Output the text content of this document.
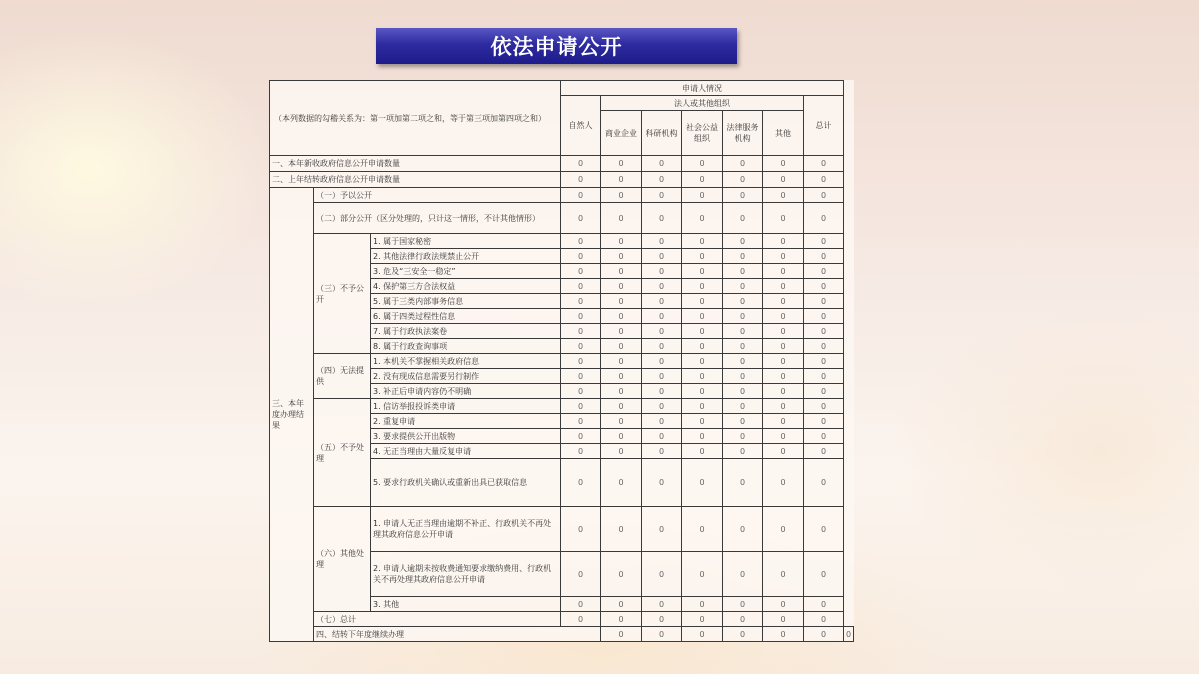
依法申请公开
（本列数据的勾稽关系为：第一项加第二项之和，等于第三项加第四项之和）			申请人情况							
			自然人	法人或其他组织					总计	
				商业企业	科研机构	社会公益组织	法律服务机构	其他		
一、本年新收政府信息公开申请数量			0	0	0	0	0	0	0	
二、上年结转政府信息公开申请数量			0	0	0	0	0	0	0	
三、本年度办理结果	（一）予以公开		0	0	0	0	0	0	0	
	（二）部分公开（区分处理的，只计这一情形，不计其他情形）		0	0	0	0	0	0	0	
	（三）不予公开	1. 属于国家秘密	0	0	0	0	0	0	0	
		2. 其他法律行政法规禁止公开	0	0	0	0	0	0	0	
		3. 危及“三安全一稳定”	0	0	0	0	0	0	0	
		4. 保护第三方合法权益	0	0	0	0	0	0	0	
		5. 属于三类内部事务信息	0	0	0	0	0	0	0	
		6. 属于四类过程性信息	0	0	0	0	0	0	0	
		7. 属于行政执法案卷	0	0	0	0	0	0	0	
		8. 属于行政查询事项	0	0	0	0	0	0	0	
	（四）无法提供	1. 本机关不掌握相关政府信息	0	0	0	0	0	0	0	
		2. 没有现成信息需要另行制作	0	0	0	0	0	0	0	
		3. 补正后申请内容仍不明确	0	0	0	0	0	0	0	
	（五）不予处理	1. 信访举报投诉类申请	0	0	0	0	0	0	0	
		2. 重复申请	0	0	0	0	0	0	0	
		3. 要求提供公开出版物	0	0	0	0	0	0	0	
		4. 无正当理由大量反复申请	0	0	0	0	0	0	0	
		5. 要求行政机关确认或重新出具已获取信息	0	0	0	0	0	0	0	
	（六）其他处理	1. 申请人无正当理由逾期不补正、行政机关不再处理其政府信息公开申请	0	0	0	0	0	0	0	
		2. 申请人逾期未按收费通知要求缴纳费用、行政机关不再处理其政府信息公开申请	0	0	0	0	0	0	0	
		3. 其他	0	0	0	0	0	0	0	
	（七）总计		0	0	0	0	0	0	0	
	四、结转下年度继续办理			0	0	0	0	0	0	0
